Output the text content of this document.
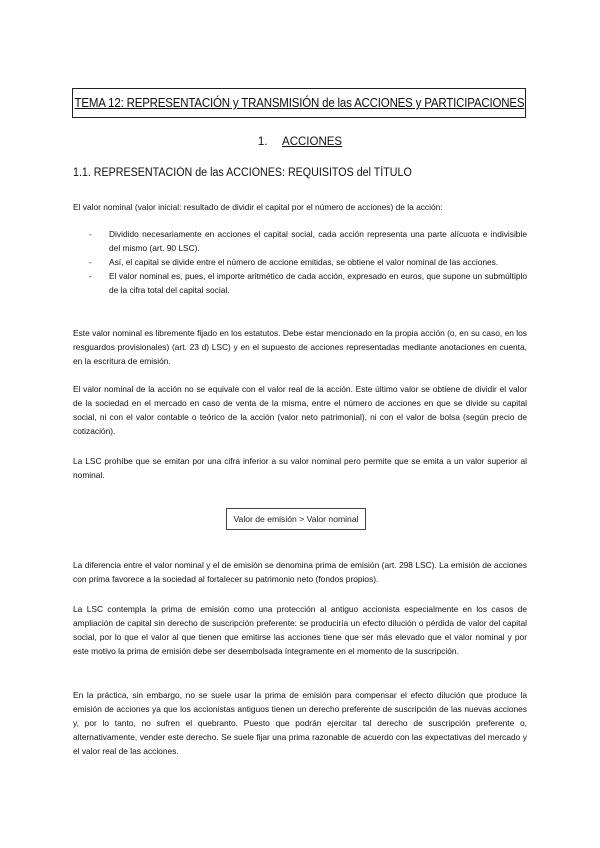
TEMA 12: REPRESENTACIÓN y TRANSMISIÓN de las ACCIONES y PARTICIPACIONES
1. ACCIONES
1.1. REPRESENTACIÓN de las ACCIONES: REQUISITOS del TÍTULO

El valor nominal (valor inicial: resultado de dividir el capital por el número de acciones) de la acción:

- Dividido necesariamente en acciones el capital social, cada acción representa una parte alícuota e indivisible del mismo (art. 90 LSC).
- Así, el capital se divide entre el número de accione emitidas, se obtiene el valor nominal de las acciones.
- El valor nominal es, pues, el importe aritmético de cada acción, expresado en euros, que supone un submúltiplo de la cifra total del capital social.

Este valor nominal es libremente fijado en los estatutos. Debe estar mencionado en la propia acción (o, en su caso, en los resguardos provisionales) (art. 23 d) LSC) y en el supuesto de acciones representadas mediante anotaciones en cuenta, en la escritura de emisión.

El valor nominal de la acción no se equivale con el valor real de la acción. Este último valor se obtiene de dividir el valor de la sociedad en el mercado en caso de venta de la misma, entre el número de acciones en que se divide su capital social, ni con el valor contable o teórico de la acción (valor neto patrimonial), ni con el valor de bolsa (según precio de cotización).

La LSC prohíbe que se emitan por una cifra inferior a su valor nominal pero permite que se emita a un valor superior al nominal.

Valor de emisión > Valor nominal

La diferencia entre el valor nominal y el de emisión se denomina prima de emisión (art. 298 LSC). La emisión de acciones con prima favorece a la sociedad al fortalecer su patrimonio neto (fondos propios).

La LSC contempla la prima de emisión como una protección al antiguo accionista especialmente en los casos de ampliación de capital sin derecho de suscripción preferente: se produciría un efecto dilución o pérdida de valor del capital social, por lo que el valor al que tienen que emitirse las acciones tiene que ser más elevado que el valor nominal y por este motivo la prima de emisión debe ser desembolsada íntegramente en el momento de la suscripción.

En la práctica, sin embargo, no se suele usar la prima de emisión para compensar el efecto dilución que produce la emisión de acciones ya que los accionistas antiguos tienen un derecho preferente de suscripción de las nuevas acciones y, por lo tanto, no sufren el quebranto. Puesto que podrán ejercitar tal derecho de suscripción preferente o, alternativamente, vender este derecho. Se suele fijar una prima razonable de acuerdo con las expectativas del mercado y el valor real de las acciones.
